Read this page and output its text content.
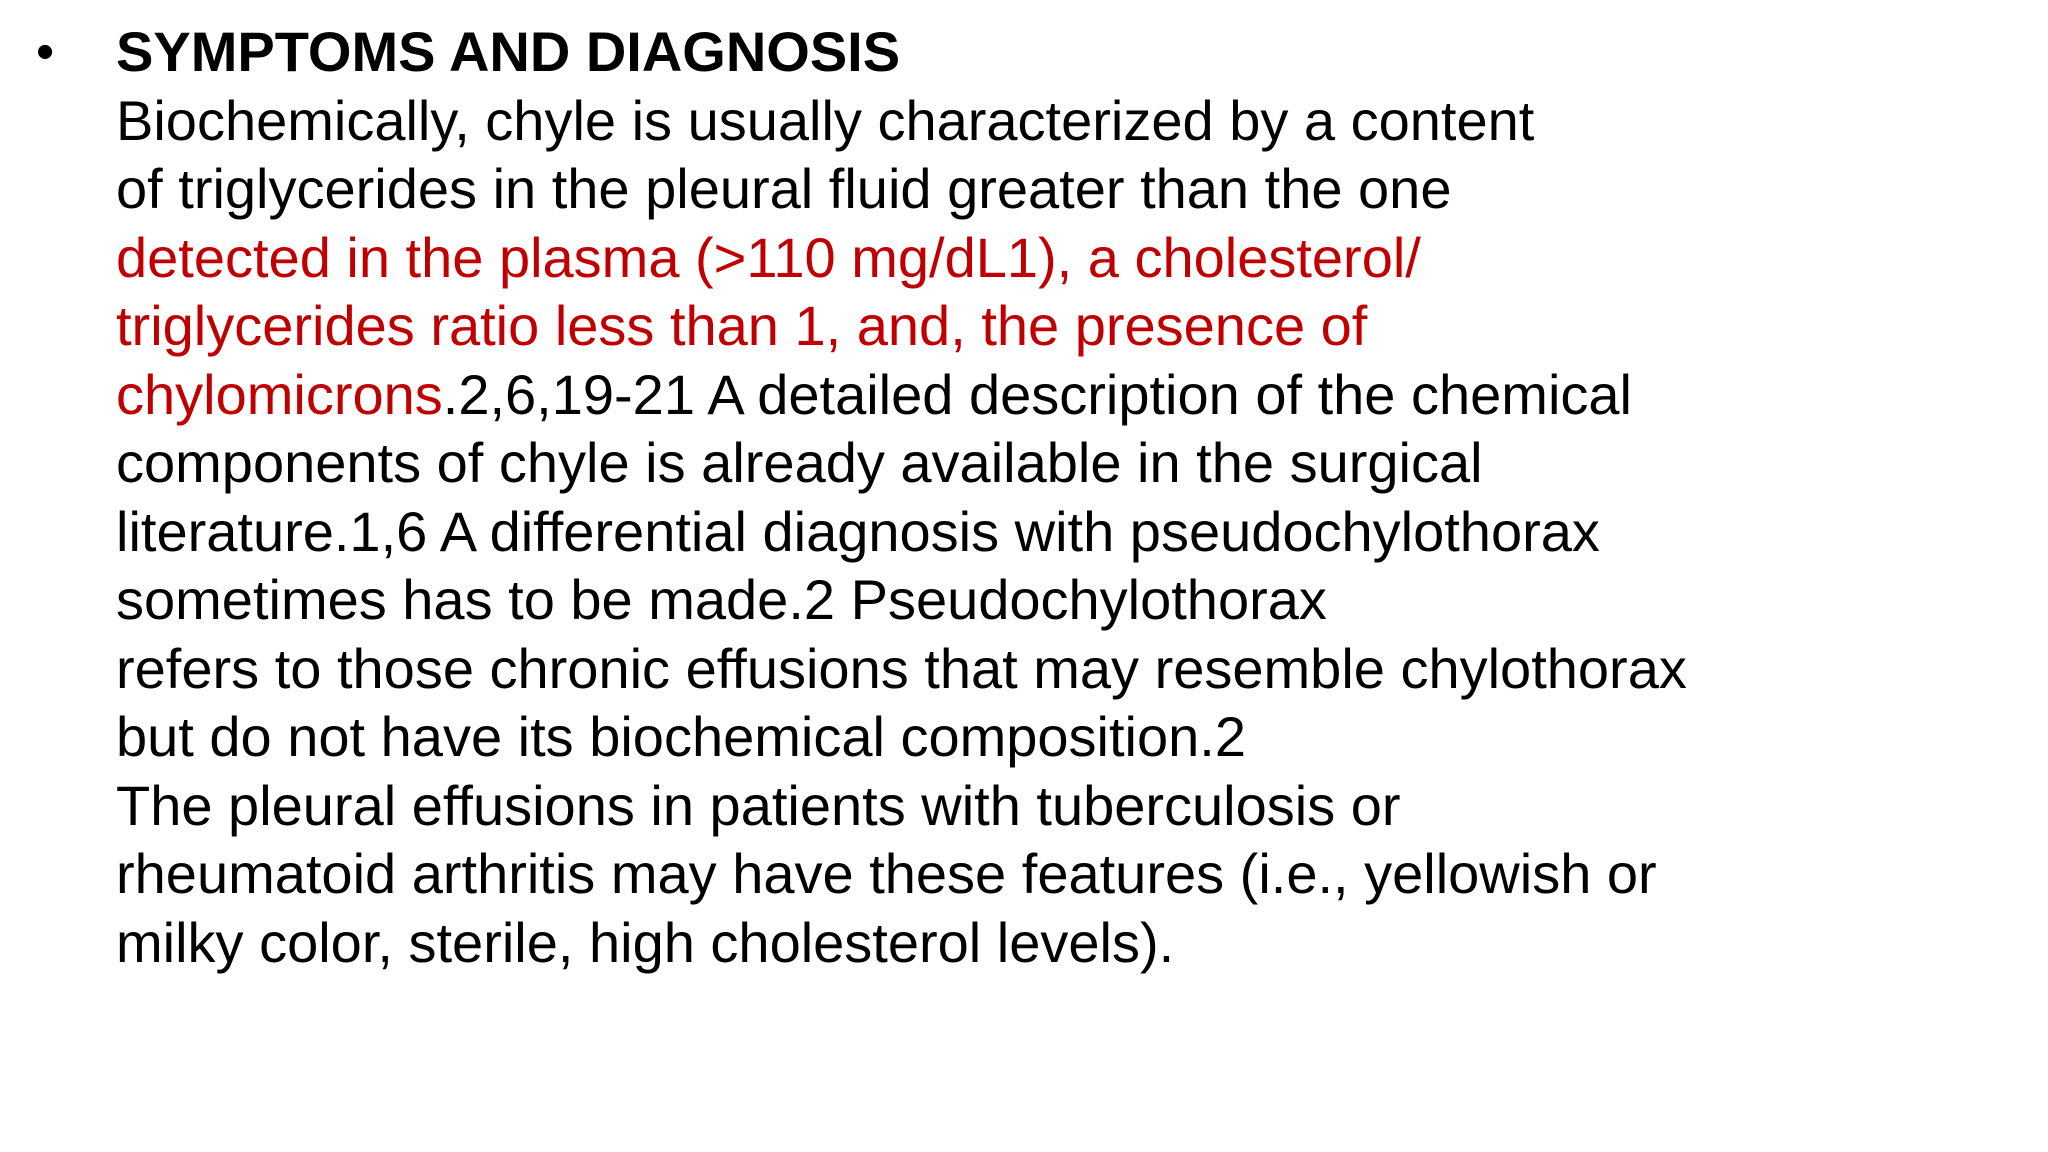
• SYMPTOMS AND DIAGNOSIS
Biochemically, chyle is usually characterized by a content
of triglycerides in the pleural fluid greater than the one
detected in the plasma (>110 mg/dL1), a cholesterol/
triglycerides ratio less than 1, and, the presence of
chylomicrons.2,6,19-21 A detailed description of the chemical
components of chyle is already available in the surgical
literature.1,6 A differential diagnosis with pseudochylothorax
sometimes has to be made.2 Pseudochylothorax
refers to those chronic effusions that may resemble chylothorax
but do not have its biochemical composition.2
The pleural effusions in patients with tuberculosis or
rheumatoid arthritis may have these features (i.e., yellowish or
milky color, sterile, high cholesterol levels).
